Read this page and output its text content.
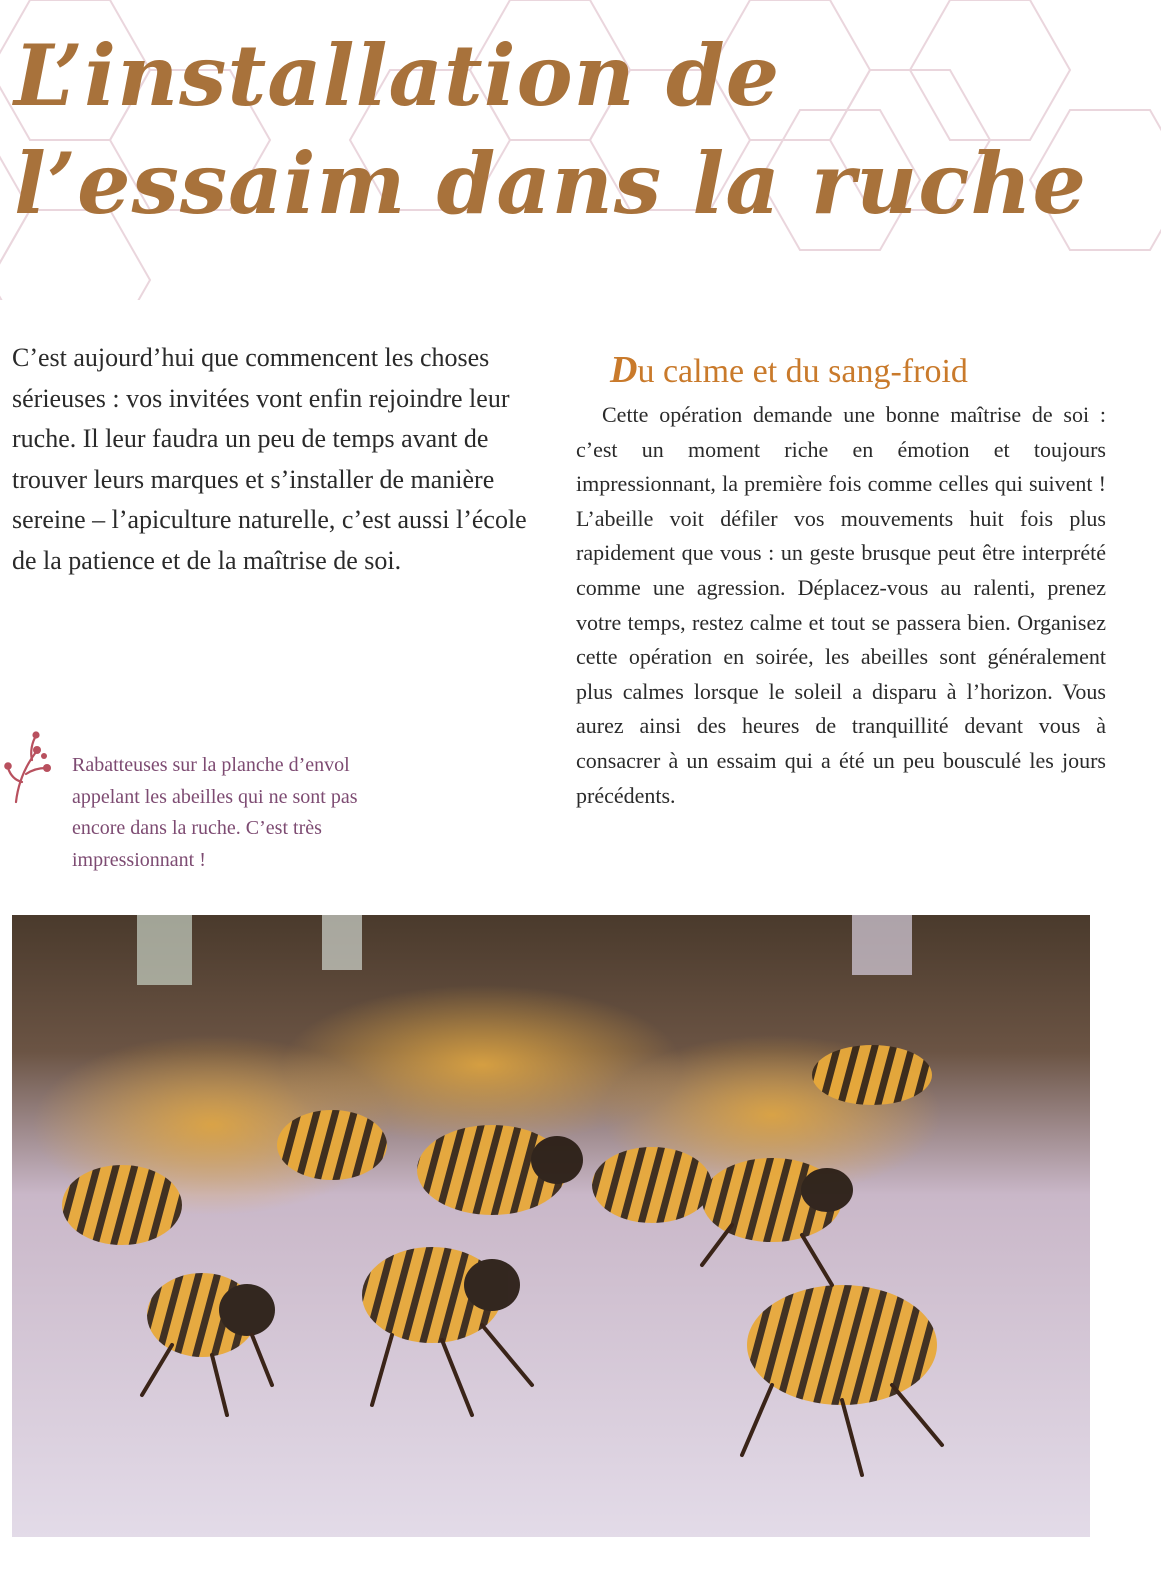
L’installation de l’essaim dans la ruche

C’est aujourd’hui que commencent les choses sérieuses : vos invitées vont enfin rejoindre leur ruche. Il leur faudra un peu de temps avant de trouver leurs marques et s’installer de manière sereine – l’apiculture naturelle, c’est aussi l’école de la patience et de la maîtrise de soi.

Du calme et du sang-froid

Cette opération demande une bonne maîtrise de soi : c’est un moment riche en émotion et toujours impressionnant, la première fois comme celles qui suivent ! L’abeille voit défiler vos mouvements huit fois plus rapidement que vous : un geste brusque peut être interprété comme une agression. Déplacez-vous au ralenti, prenez votre temps, restez calme et tout se passera bien. Organisez cette opération en soirée, les abeilles sont généralement plus calmes lorsque le soleil a disparu à l’horizon. Vous aurez ainsi des heures de tranquillité devant vous à consacrer à un essaim qui a été un peu bousculé les jours précédents.

Rabatteuses sur la planche d’envol appelant les abeilles qui ne sont pas encore dans la ruche. C’est très impressionnant !
